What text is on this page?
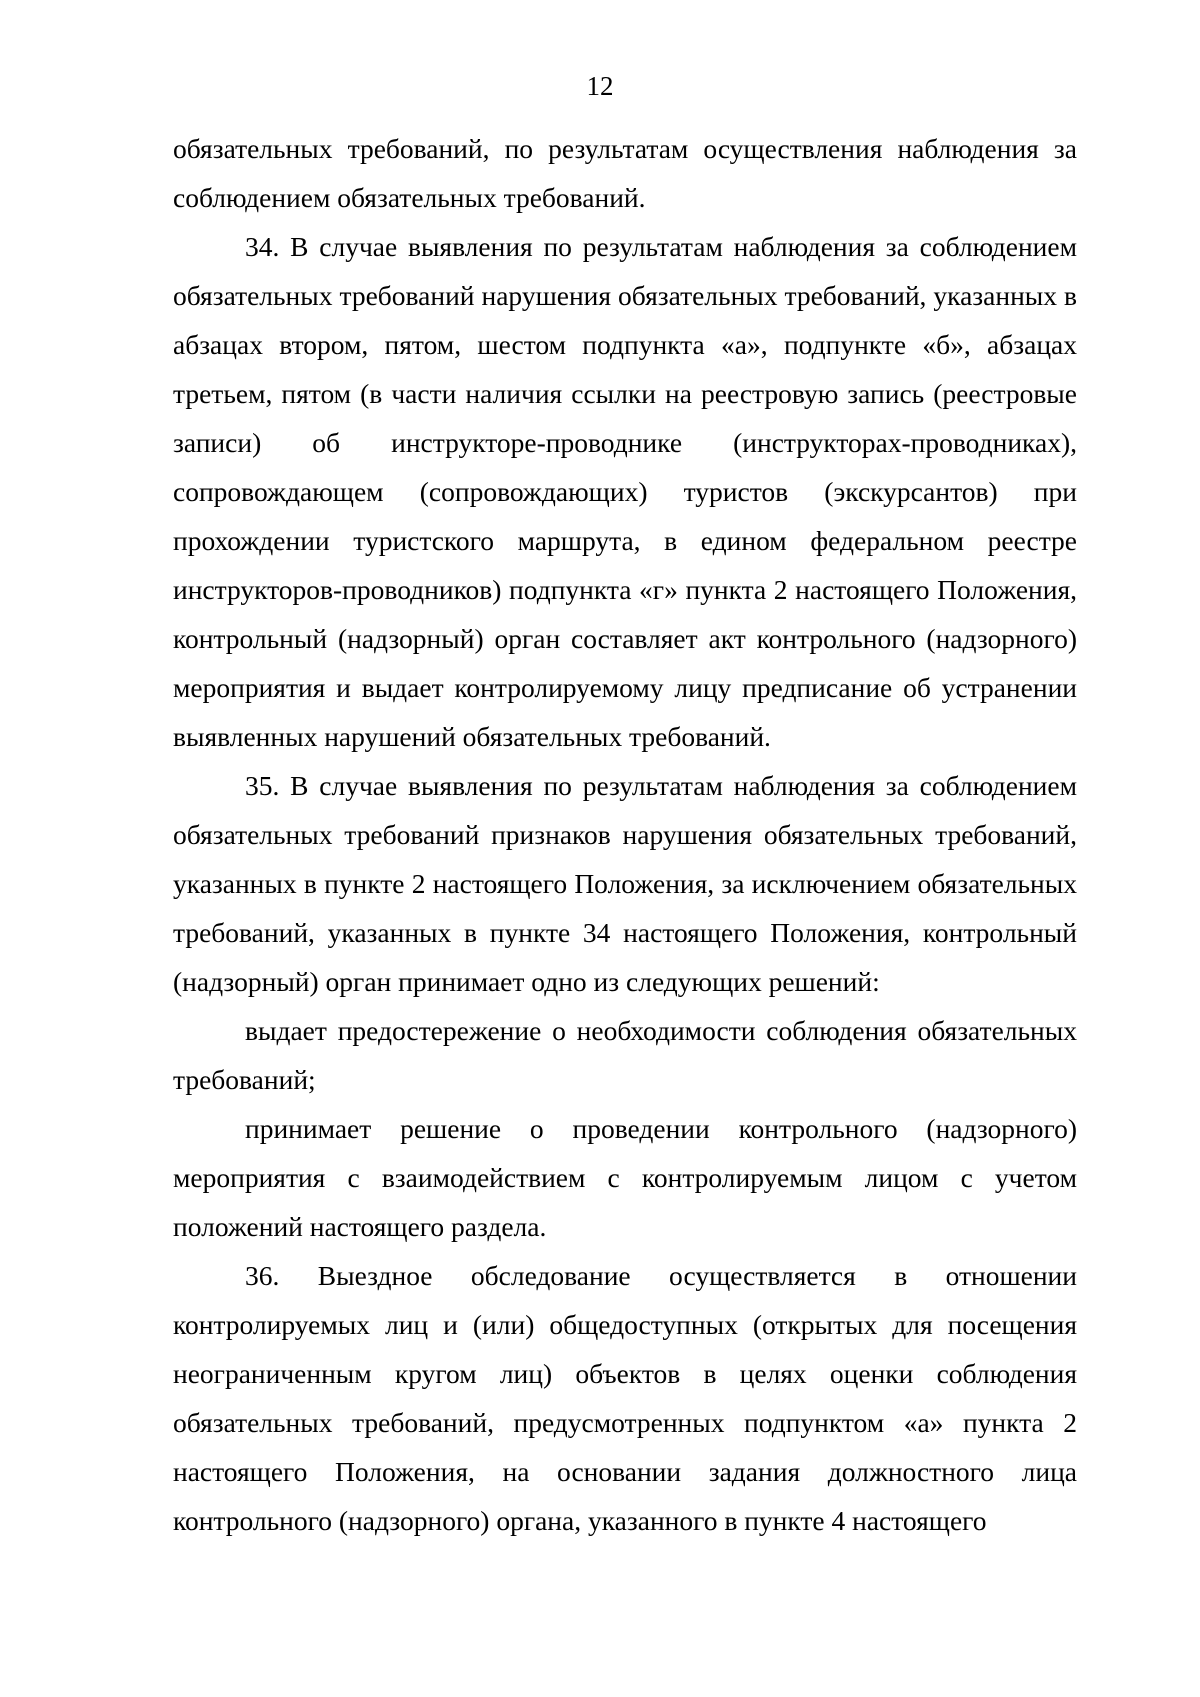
12

обязательных требований, по результатам осуществления наблюдения за соблюдением обязательных требований.

34. В случае выявления по результатам наблюдения за соблюдением обязательных требований нарушения обязательных требований, указанных в абзацах втором, пятом, шестом подпункта «а», подпункте «б», абзацах третьем, пятом (в части наличия ссылки на реестровую запись (реестровые записи) об инструкторе-проводнике (инструкторах-проводниках), сопровождающем (сопровождающих) туристов (экскурсантов) при прохождении туристского маршрута, в едином федеральном реестре инструкторов-проводников) подпункта «г» пункта 2 настоящего Положения, контрольный (надзорный) орган составляет акт контрольного (надзорного) мероприятия и выдает контролируемому лицу предписание об устранении выявленных нарушений обязательных требований.

35. В случае выявления по результатам наблюдения за соблюдением обязательных требований признаков нарушения обязательных требований, указанных в пункте 2 настоящего Положения, за исключением обязательных требований, указанных в пункте 34 настоящего Положения, контрольный (надзорный) орган принимает одно из следующих решений:

выдает предостережение о необходимости соблюдения обязательных требований;

принимает решение о проведении контрольного (надзорного) мероприятия с взаимодействием с контролируемым лицом с учетом положений настоящего раздела.

36. Выездное обследование осуществляется в отношении контролируемых лиц и (или) общедоступных (открытых для посещения неограниченным кругом лиц) объектов в целях оценки соблюдения обязательных требований, предусмотренных подпунктом «а» пункта 2 настоящего Положения, на основании задания должностного лица контрольного (надзорного) органа, указанного в пункте 4 настоящего
